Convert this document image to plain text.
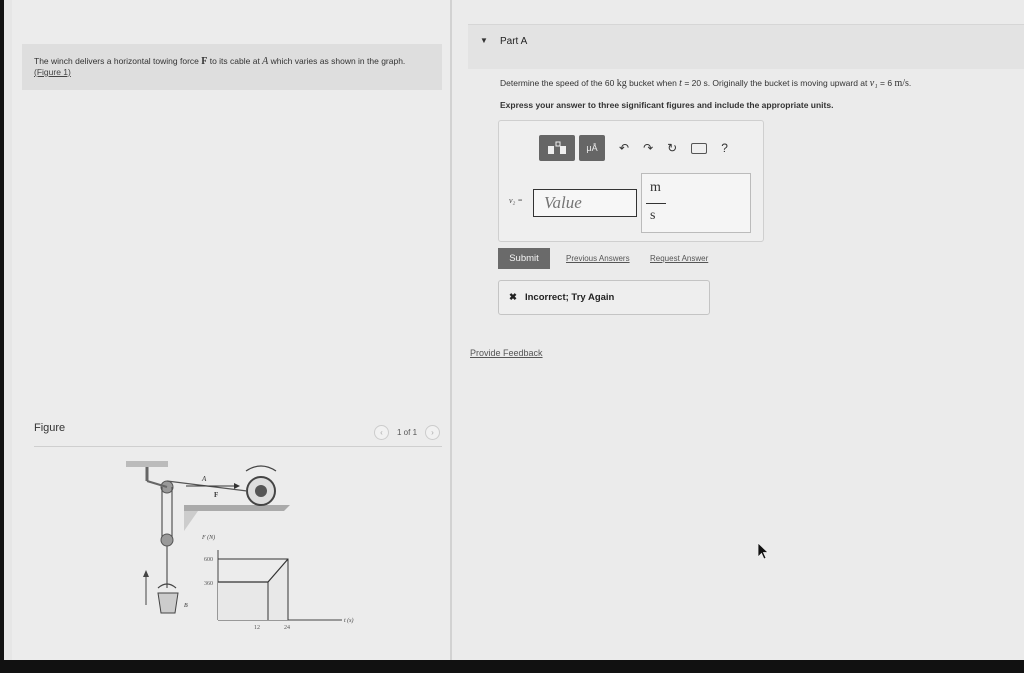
The winch delivers a horizontal towing force F to its cable at A which varies as shown in the graph. (Figure 1)
Figure	‹	1 of 1	›
A
F
B
F (N)
t (s)
600
360
12	24
▼ Part A
Determine the speed of the 60 kg bucket when t = 20 s. Originally the bucket is moving upward at v₁ = 6 m/s.
Express your answer to three significant figures and include the appropriate units.
μÅ	↶ ↷ ↻	?
v₂ =
Value
m
s
Submit	Previous Answers	Request Answer
✖ Incorrect; Try Again
Provide Feedback
